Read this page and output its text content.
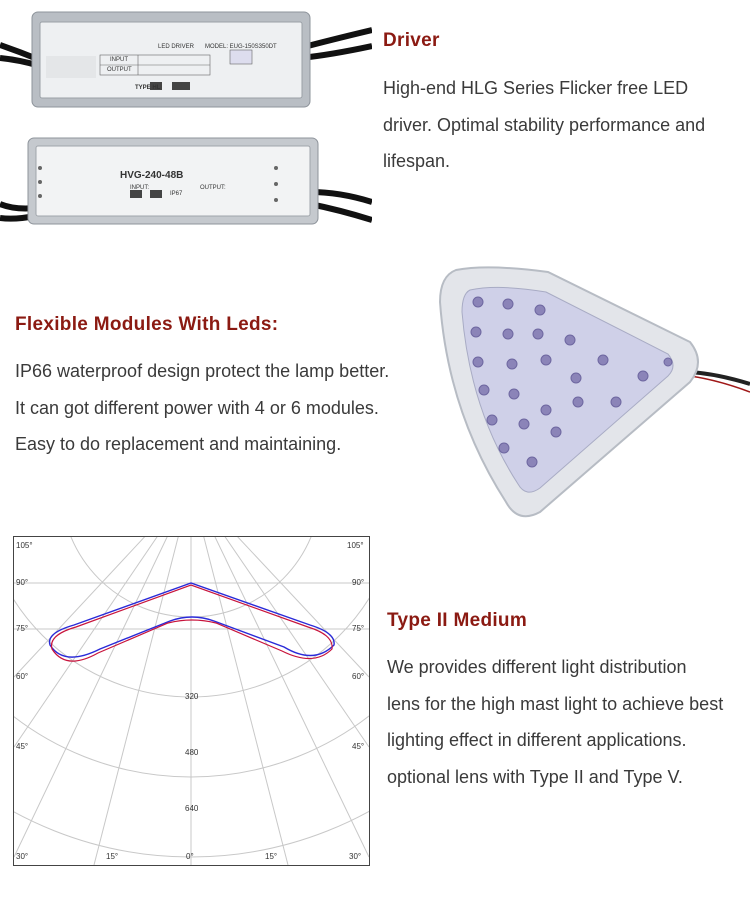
LED DRIVER MODEL: EUG-150S350DT
INPUT
OUTPUT
TYPE HL
HVG-240-48B
INPUT:	OUTPUT:
IP67
Driver
High-end HLG Series Flicker free LED
driver. Optimal stability performance and
lifespan.
Flexible Modules With Leds:
IP66 waterproof design protect the lamp better.
It can got different power with 4 or 6 modules.
Easy to do replacement and maintaining.
105°
90°
75°
60°
45°
30°
105°
90°
75°
60°
45°
30°
15°	0°	15°
320
480
640
Type II Medium
We provides different light distribution
lens for the high mast light to achieve best
lighting effect in different applications.
optional lens with Type II and Type V.
